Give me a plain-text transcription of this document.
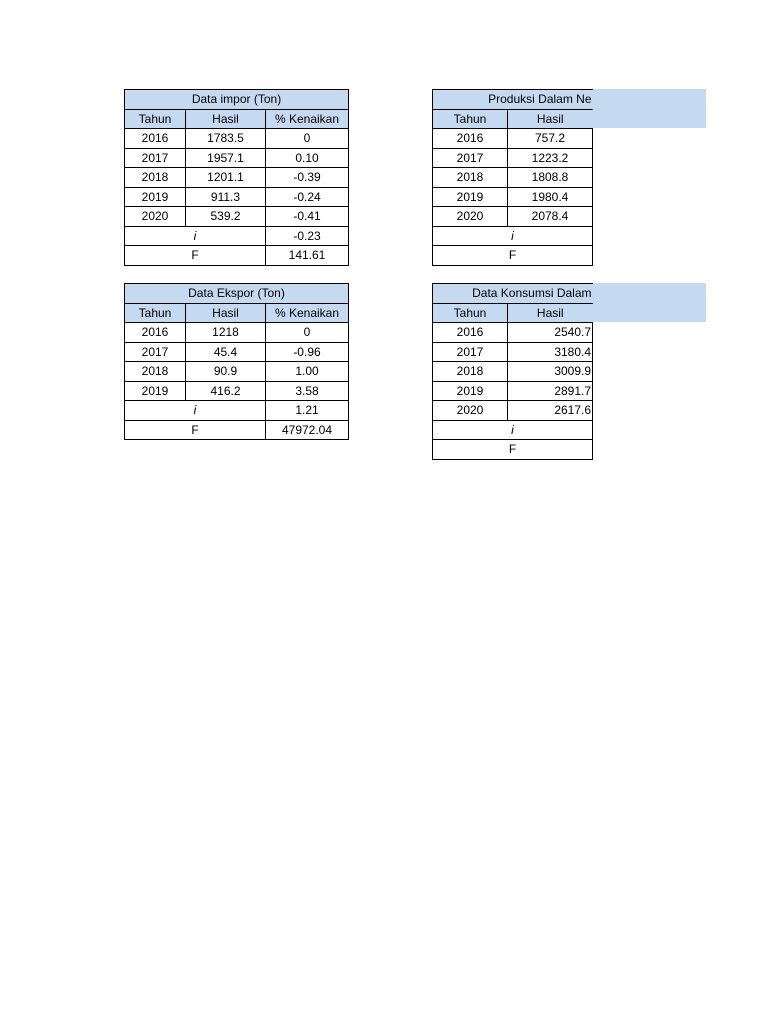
Data impor (Ton)		
Tahun	Hasil	% Kenaikan
2016	1783.5	0
2017	1957.1	0.10
2018	1201.1	-0.39
2019	911.3	-0.24
2020	539.2	-0.41
i		-0.23
F		141.61
Data Ekspor (Ton)		
Tahun	Hasil	% Kenaikan
2016	1218	0
2017	45.4	-0.96
2018	90.9	1.00
2019	416.2	3.58
i		1.21
F		47972.04
Produksi Dalam Ne	
Tahun	Hasil
2016	757.2
2017	1223.2
2018	1808.8
2019	1980.4
2020	2078.4
i	
F	
Data Konsumsi Dalam	
Tahun	Hasil
2016	2540.7
2017	3180.4
2018	3009.9
2019	2891.7
2020	2617.6
i	
F	
